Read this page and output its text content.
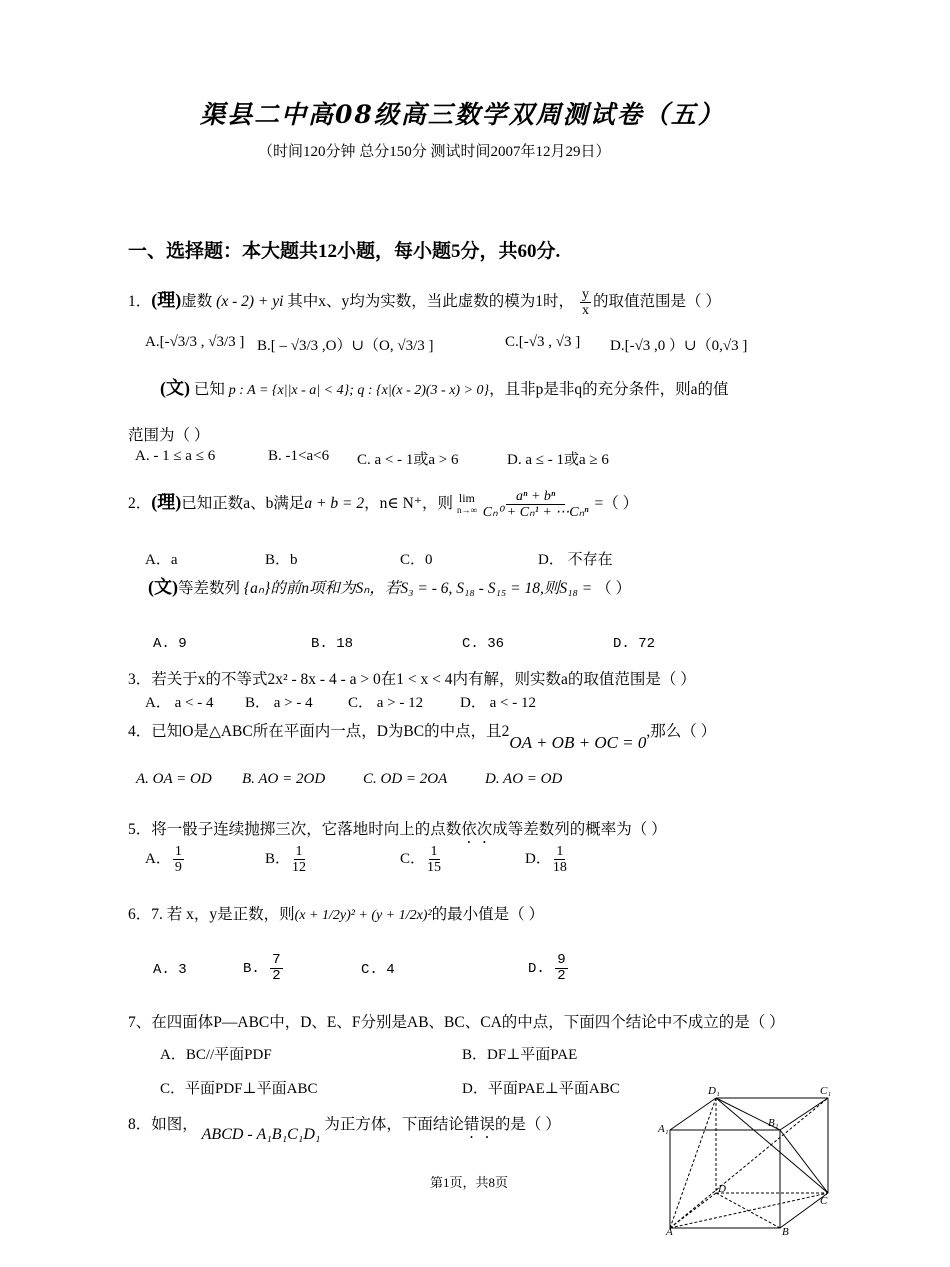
渠县二中高08级高三数学双周测试卷（五）
（时间120分钟 总分150分 测试时间2007年12月29日）
一、选择题：本大题共12小题，每小题5分，共60分.
1．(理)虚数 (x - 2) + yi 其中x、y均为实数，当此虚数的模为1时， $\frac{y}{x}$ 的取值范围是（ ）
A.[-√3/3 , √3/3 ] B.[ – √3/3 ,O）∪（O, √3/3 ]	C.[-√3 , √3 ] D.[-√3 ,0 ）∪（0,√3 ]
(文) 已知 p : A = {x||x - a| < 4}; q : {x|(x - 2)(3 - x) > 0}，且非p是非q的充分条件，则a的值
范围为（ ）
A. - 1 ≤ a ≤ 6	B. -1<a<6 C. a < - 1或a > 6	D. a ≤ - 1或a ≥ 6
2．(理)已知正数a、b满足a + b = 2，n∈ N⁺，则 lim
n→∞
$\frac{\text{aⁿ + bⁿ}}{\text{Cₙ⁰ + Cₙ¹ + ⋯Cₙⁿ}}$ =（ ）
A．a	B．b	C．0	D． 不存在
(文)等差数列 {aₙ}的前n项和为Sₙ，若S₃ = - 6, S₁₈ - S₁₅ = 18,则S₁₈ = （ ）
A. 9	B. 18	C. 36	D. 72
3．若关于x的不等式2x² - 8x - 4 - a > 0在1 < x < 4内有解，则实数a的取值范围是（ ）
A． a < - 4 B． a > - 4 C． a > - 12 D． a < - 12
4．已知O是△ABC所在平面内一点，D为BC的中点，且2OA + OB + OC = 0,那么（ ）
A. OA = OD B. AO = 2OD	C. OD = 2OA	D. AO = OD
5．将一骰子连续抛掷三次，它落地时向上的点数依次成等差数列的概率为（ ）
A． $\frac{1}{9}$	B． $\frac{1}{12}$	C． $\frac{1}{15}$	D． $\frac{1}{18}$
6．7. 若 x，y是正数，则(x + 1/2y)² + (y + 1/2x)²的最小值是（ ）
A. 3	B. $\frac{7}{2}$	C. 4	D. $\frac{9}{2}$
7、在四面体P—ABC中，D、E、F分别是AB、BC、CA的中点，下面四个结论中不成立的是（ ）
A．BC//平面PDF	B．DF⊥平面PAE
C．平面PDF⊥平面ABC	D．平面PAE⊥平面ABC
8．如图， ABCD - A₁B₁C₁D₁ 为正方体，下面结论错误的是（ ）
D₁	C₁
B₁
A₁
D
C
A	B
第1页，共8页
